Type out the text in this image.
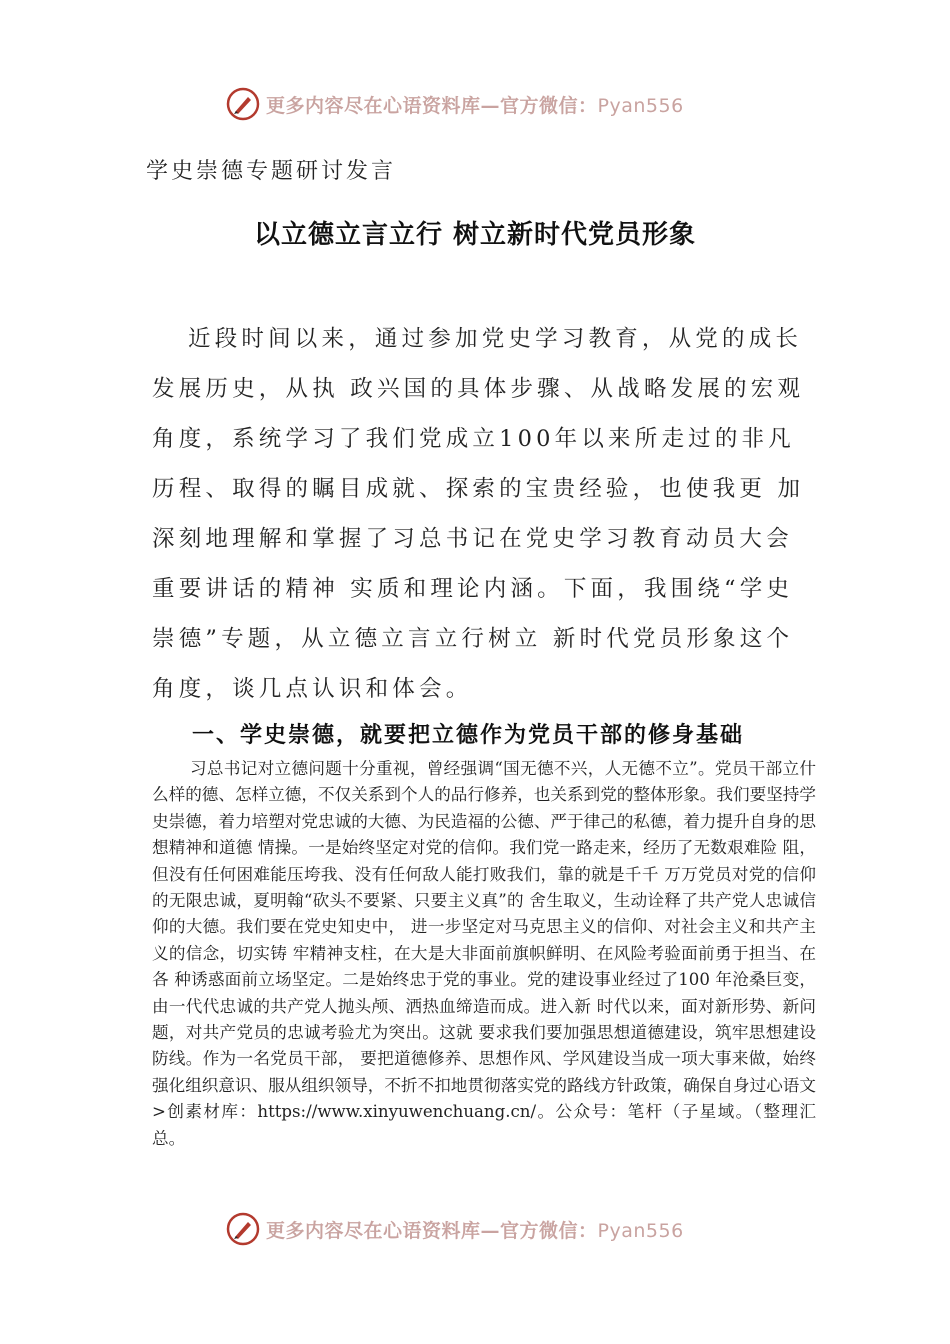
更多内容尽在心语资料库—官方微信：Pyan556
学史崇德专题研讨发言
以立德立言立行 树立新时代党员形象

近段时间以来，通过参加党史学习教育，从党的成长发展历史，从执 政兴国的具体步骤、从战略发展的宏观角度，系统学习了我们党成立100年以来所走过的非凡历程、取得的瞩目成就、探索的宝贵经验，也使我更 加深刻地理解和掌握了习总书记在党史学习教育动员大会重要讲话的精神 实质和理论内涵。下面，我围绕“学史崇德”专题，从立德立言立行树立 新时代党员形象这个角度，谈几点认识和体会。

一、学史崇德，就要把立德作为党员干部的修身基础

习总书记对立德问题十分重视，曾经强调“国无德不兴，人无德不立”。党员干部立什么样的德、怎样立德，不仅关系到个人的品行修养，也关系到党的整体形象。我们要坚持学史崇德，着力培塑对党忠诚的大德、为民造福的公德、严于律己的私德，着力提升自身的思想精神和道德 情操。一是始终坚定对党的信仰。我们党一路走来，经历了无数艰难险 阻，但没有任何困难能压垮我、没有任何敌人能打败我们，靠的就是千千 万万党员对党的信仰的无限忠诚，夏明翰“砍头不要紧、只要主义真”的 舍生取义，生动诠释了共产党人忠诚信仰的大德。我们要在党史知史中， 进一步坚定对马克思主义的信仰、对社会主义和共产主义的信念，切实铸 牢精神支柱，在大是大非面前旗帜鲜明、在风险考验面前勇于担当、在各 种诱惑面前立场坚定。二是始终忠于党的事业。党的建设事业经过了100 年沧桑巨变，由一代代忠诚的共产党人抛头颅、洒热血缔造而成。进入新 时代以来，面对新形势、新问题，对共产党员的忠诚考验尤为突出。这就 要求我们要加强思想道德建设，筑牢思想建设防线。作为一名党员干部， 要把道德修养、思想作风、学风建设当成一项大事来做，始终强化组织意识、服从组织领导，不折不扣地贯彻落实党的路线方针政策，确保自身过心语文>创素材库：https://www.xinyuwenchuang.cn/。公众号：笔杆（子星域。（整理汇总。

更多内容尽在心语资料库—官方微信：Pyan556
